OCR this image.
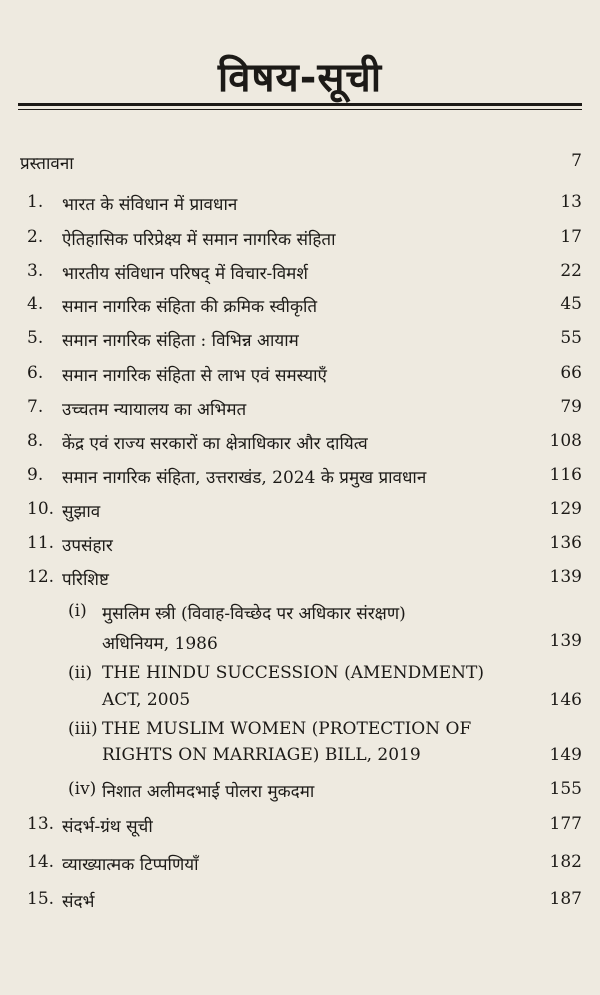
विषय-सूची
प्रस्तावना	7
1. भारत के संविधान में प्रावधान	13
2. ऐतिहासिक परिप्रेक्ष्य में समान नागरिक संहिता	17
3. भारतीय संविधान परिषद् में विचार-विमर्श	22
4. समान नागरिक संहिता की क्रमिक स्वीकृति	45
5. समान नागरिक संहिता : विभिन्न आयाम	55
6. समान नागरिक संहिता से लाभ एवं समस्याएँ	66
7. उच्चतम न्यायालय का अभिमत	79
8. केंद्र एवं राज्य सरकारों का क्षेत्राधिकार और दायित्व	108
9. समान नागरिक संहिता, उत्तराखंड, 2024 के प्रमुख प्रावधान	116
10. सुझाव	129
11. उपसंहार	136
12. परिशिष्ट	139
(i) मुसलिम स्त्री (विवाह-विच्छेद पर अधिकार संरक्षण)
अधिनियम, 1986	139
(ii) THE HINDU SUCCESSION (AMENDMENT)
ACT, 2005	146
(iii) THE MUSLIM WOMEN (PROTECTION OF
RIGHTS ON MARRIAGE) BILL, 2019	149
(iv) निशात अलीमदभाई पोलरा मुकदमा	155
13. संदर्भ-ग्रंथ सूची	177
14. व्याख्यात्मक टिप्पणियाँ	182
15. संदर्भ	187
